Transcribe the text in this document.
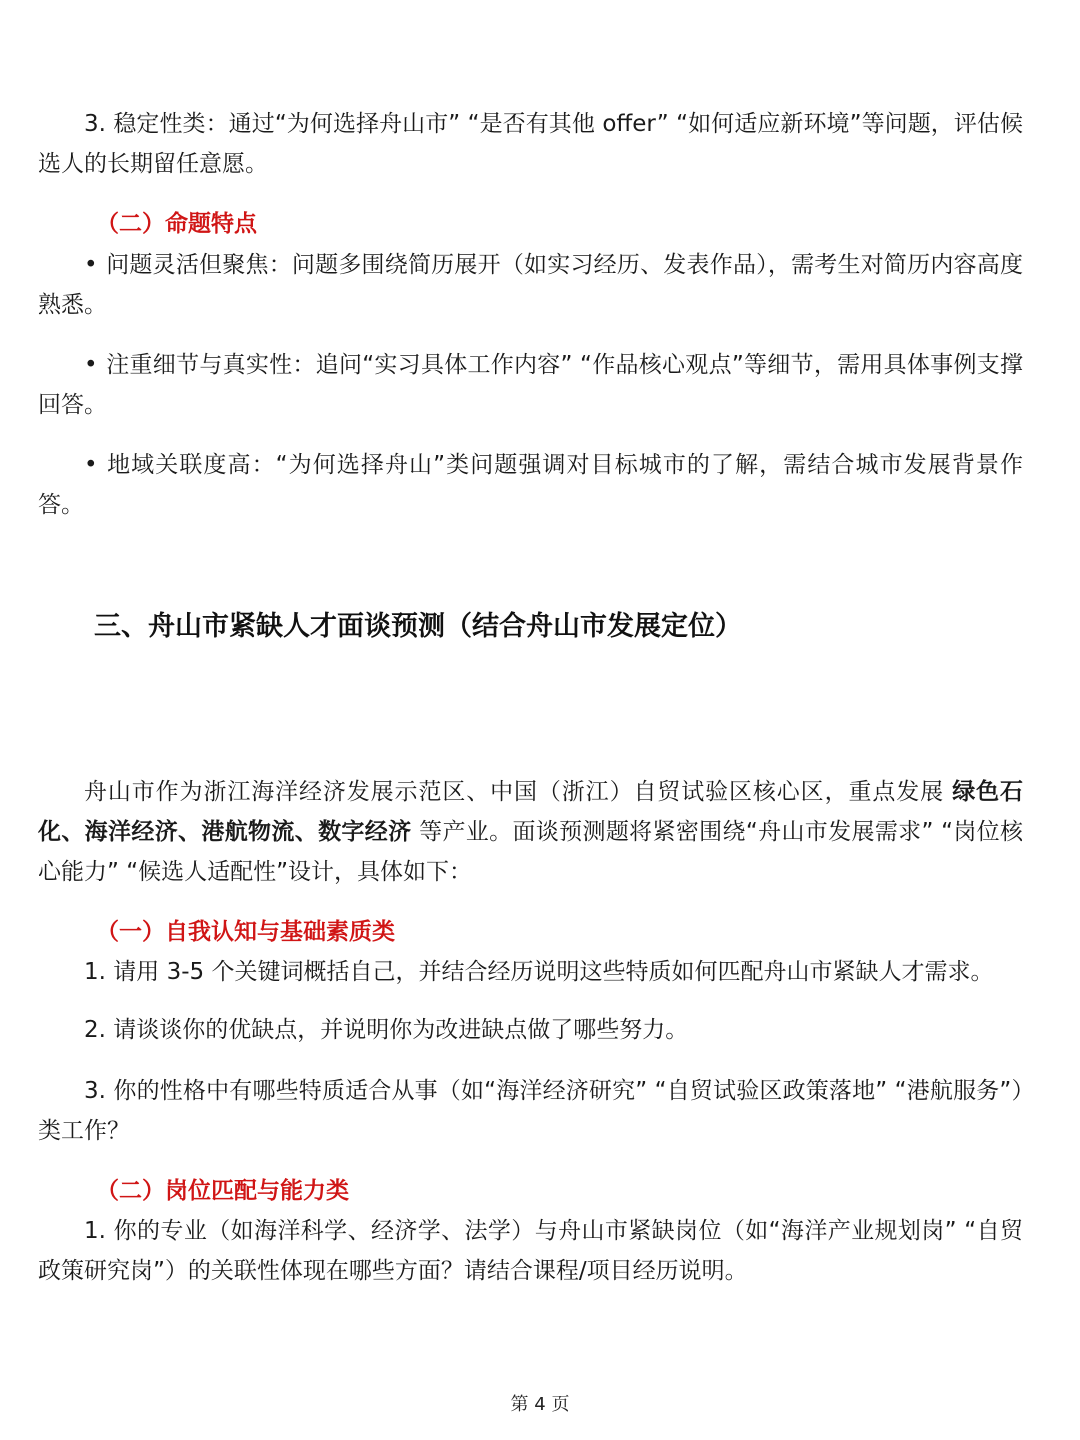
3. 稳定性类：通过“为何选择舟山市” “是否有其他 offer” “如何适应新环境”等问题，评估候选人的长期留任意愿。

（二）命题特点

• 问题灵活但聚焦：问题多围绕简历展开（如实习经历、发表作品），需考生对简历内容高度熟悉。

• 注重细节与真实性：追问“实习具体工作内容” “作品核心观点”等细节，需用具体事例支撑回答。

• 地域关联度高：“为何选择舟山”类问题强调对目标城市的了解，需结合城市发展背景作答。

三、舟山市紧缺人才面谈预测（结合舟山市发展定位）

舟山市作为浙江海洋经济发展示范区、中国（浙江）自贸试验区核心区，重点发展 绿色石化、海洋经济、港航物流、数字经济 等产业。面谈预测题将紧密围绕“舟山市发展需求” “岗位核心能力” “候选人适配性”设计，具体如下：

（一）自我认知与基础素质类

1. 请用 3-5 个关键词概括自己，并结合经历说明这些特质如何匹配舟山市紧缺人才需求。

2. 请谈谈你的优缺点，并说明你为改进缺点做了哪些努力。

3. 你的性格中有哪些特质适合从事（如“海洋经济研究” “自贸试验区政策落地” “港航服务”）类工作？

（二）岗位匹配与能力类

1. 你的专业（如海洋科学、经济学、法学）与舟山市紧缺岗位（如“海洋产业规划岗” “自贸政策研究岗”）的关联性体现在哪些方面？请结合课程/项目经历说明。

第 4 页
